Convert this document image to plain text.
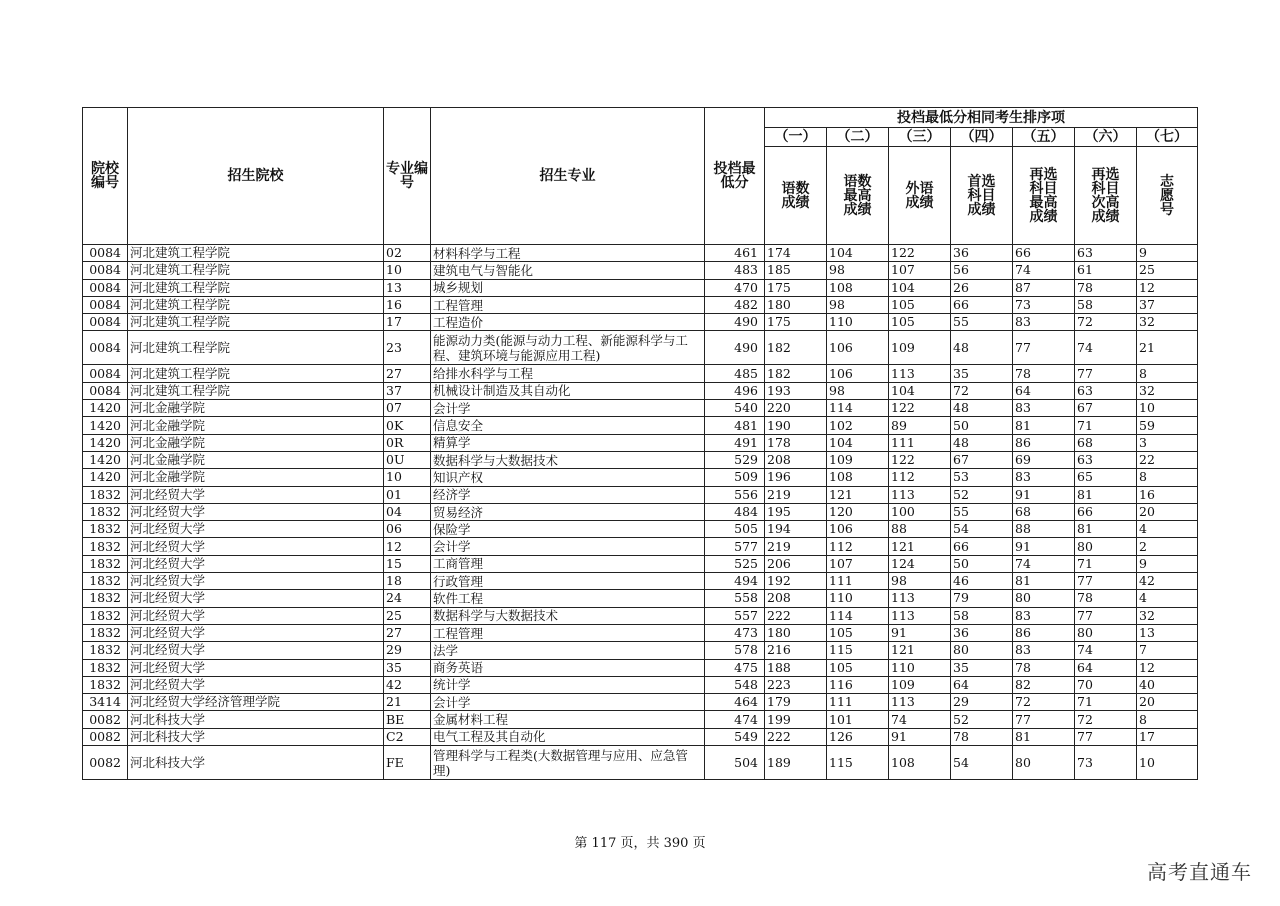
院校编号	招生院校	专业编号	招生专业	投档最低分	投档最低分相同考生排序项						
					（一）	（二）	（三）	（四）	（五）	（六）	（七）
					语数成绩	语数最高成绩	外语成绩	首选科目成绩	再选科目最高成绩	再选科目次高成绩	志愿号
0084	河北建筑工程学院	02	材料科学与工程	461	174	104	122	36	66	63	9
0084	河北建筑工程学院	10	建筑电气与智能化	483	185	98	107	56	74	61	25
0084	河北建筑工程学院	13	城乡规划	470	175	108	104	26	87	78	12
0084	河北建筑工程学院	16	工程管理	482	180	98	105	66	73	58	37
0084	河北建筑工程学院	17	工程造价	490	175	110	105	55	83	72	32
0084	河北建筑工程学院	23	能源动力类(能源与动力工程、新能源科学与工程、建筑环境与能源应用工程)	490	182	106	109	48	77	74	21
0084	河北建筑工程学院	27	给排水科学与工程	485	182	106	113	35	78	77	8
0084	河北建筑工程学院	37	机械设计制造及其自动化	496	193	98	104	72	64	63	32
1420	河北金融学院	07	会计学	540	220	114	122	48	83	67	10
1420	河北金融学院	0K	信息安全	481	190	102	89	50	81	71	59
1420	河北金融学院	0R	精算学	491	178	104	111	48	86	68	3
1420	河北金融学院	0U	数据科学与大数据技术	529	208	109	122	67	69	63	22
1420	河北金融学院	10	知识产权	509	196	108	112	53	83	65	8
1832	河北经贸大学	01	经济学	556	219	121	113	52	91	81	16
1832	河北经贸大学	04	贸易经济	484	195	120	100	55	68	66	20
1832	河北经贸大学	06	保险学	505	194	106	88	54	88	81	4
1832	河北经贸大学	12	会计学	577	219	112	121	66	91	80	2
1832	河北经贸大学	15	工商管理	525	206	107	124	50	74	71	9
1832	河北经贸大学	18	行政管理	494	192	111	98	46	81	77	42
1832	河北经贸大学	24	软件工程	558	208	110	113	79	80	78	4
1832	河北经贸大学	25	数据科学与大数据技术	557	222	114	113	58	83	77	32
1832	河北经贸大学	27	工程管理	473	180	105	91	36	86	80	13
1832	河北经贸大学	29	法学	578	216	115	121	80	83	74	7
1832	河北经贸大学	35	商务英语	475	188	105	110	35	78	64	12
1832	河北经贸大学	42	统计学	548	223	116	109	64	82	70	40
3414	河北经贸大学经济管理学院	21	会计学	464	179	111	113	29	72	71	20
0082	河北科技大学	BE	金属材料工程	474	199	101	74	52	77	72	8
0082	河北科技大学	C2	电气工程及其自动化	549	222	126	91	78	81	77	17
0082	河北科技大学	FE	管理科学与工程类(大数据管理与应用、应急管理)	504	189	115	108	54	80	73	10
第 117 页，共 390 页
高考直通车
